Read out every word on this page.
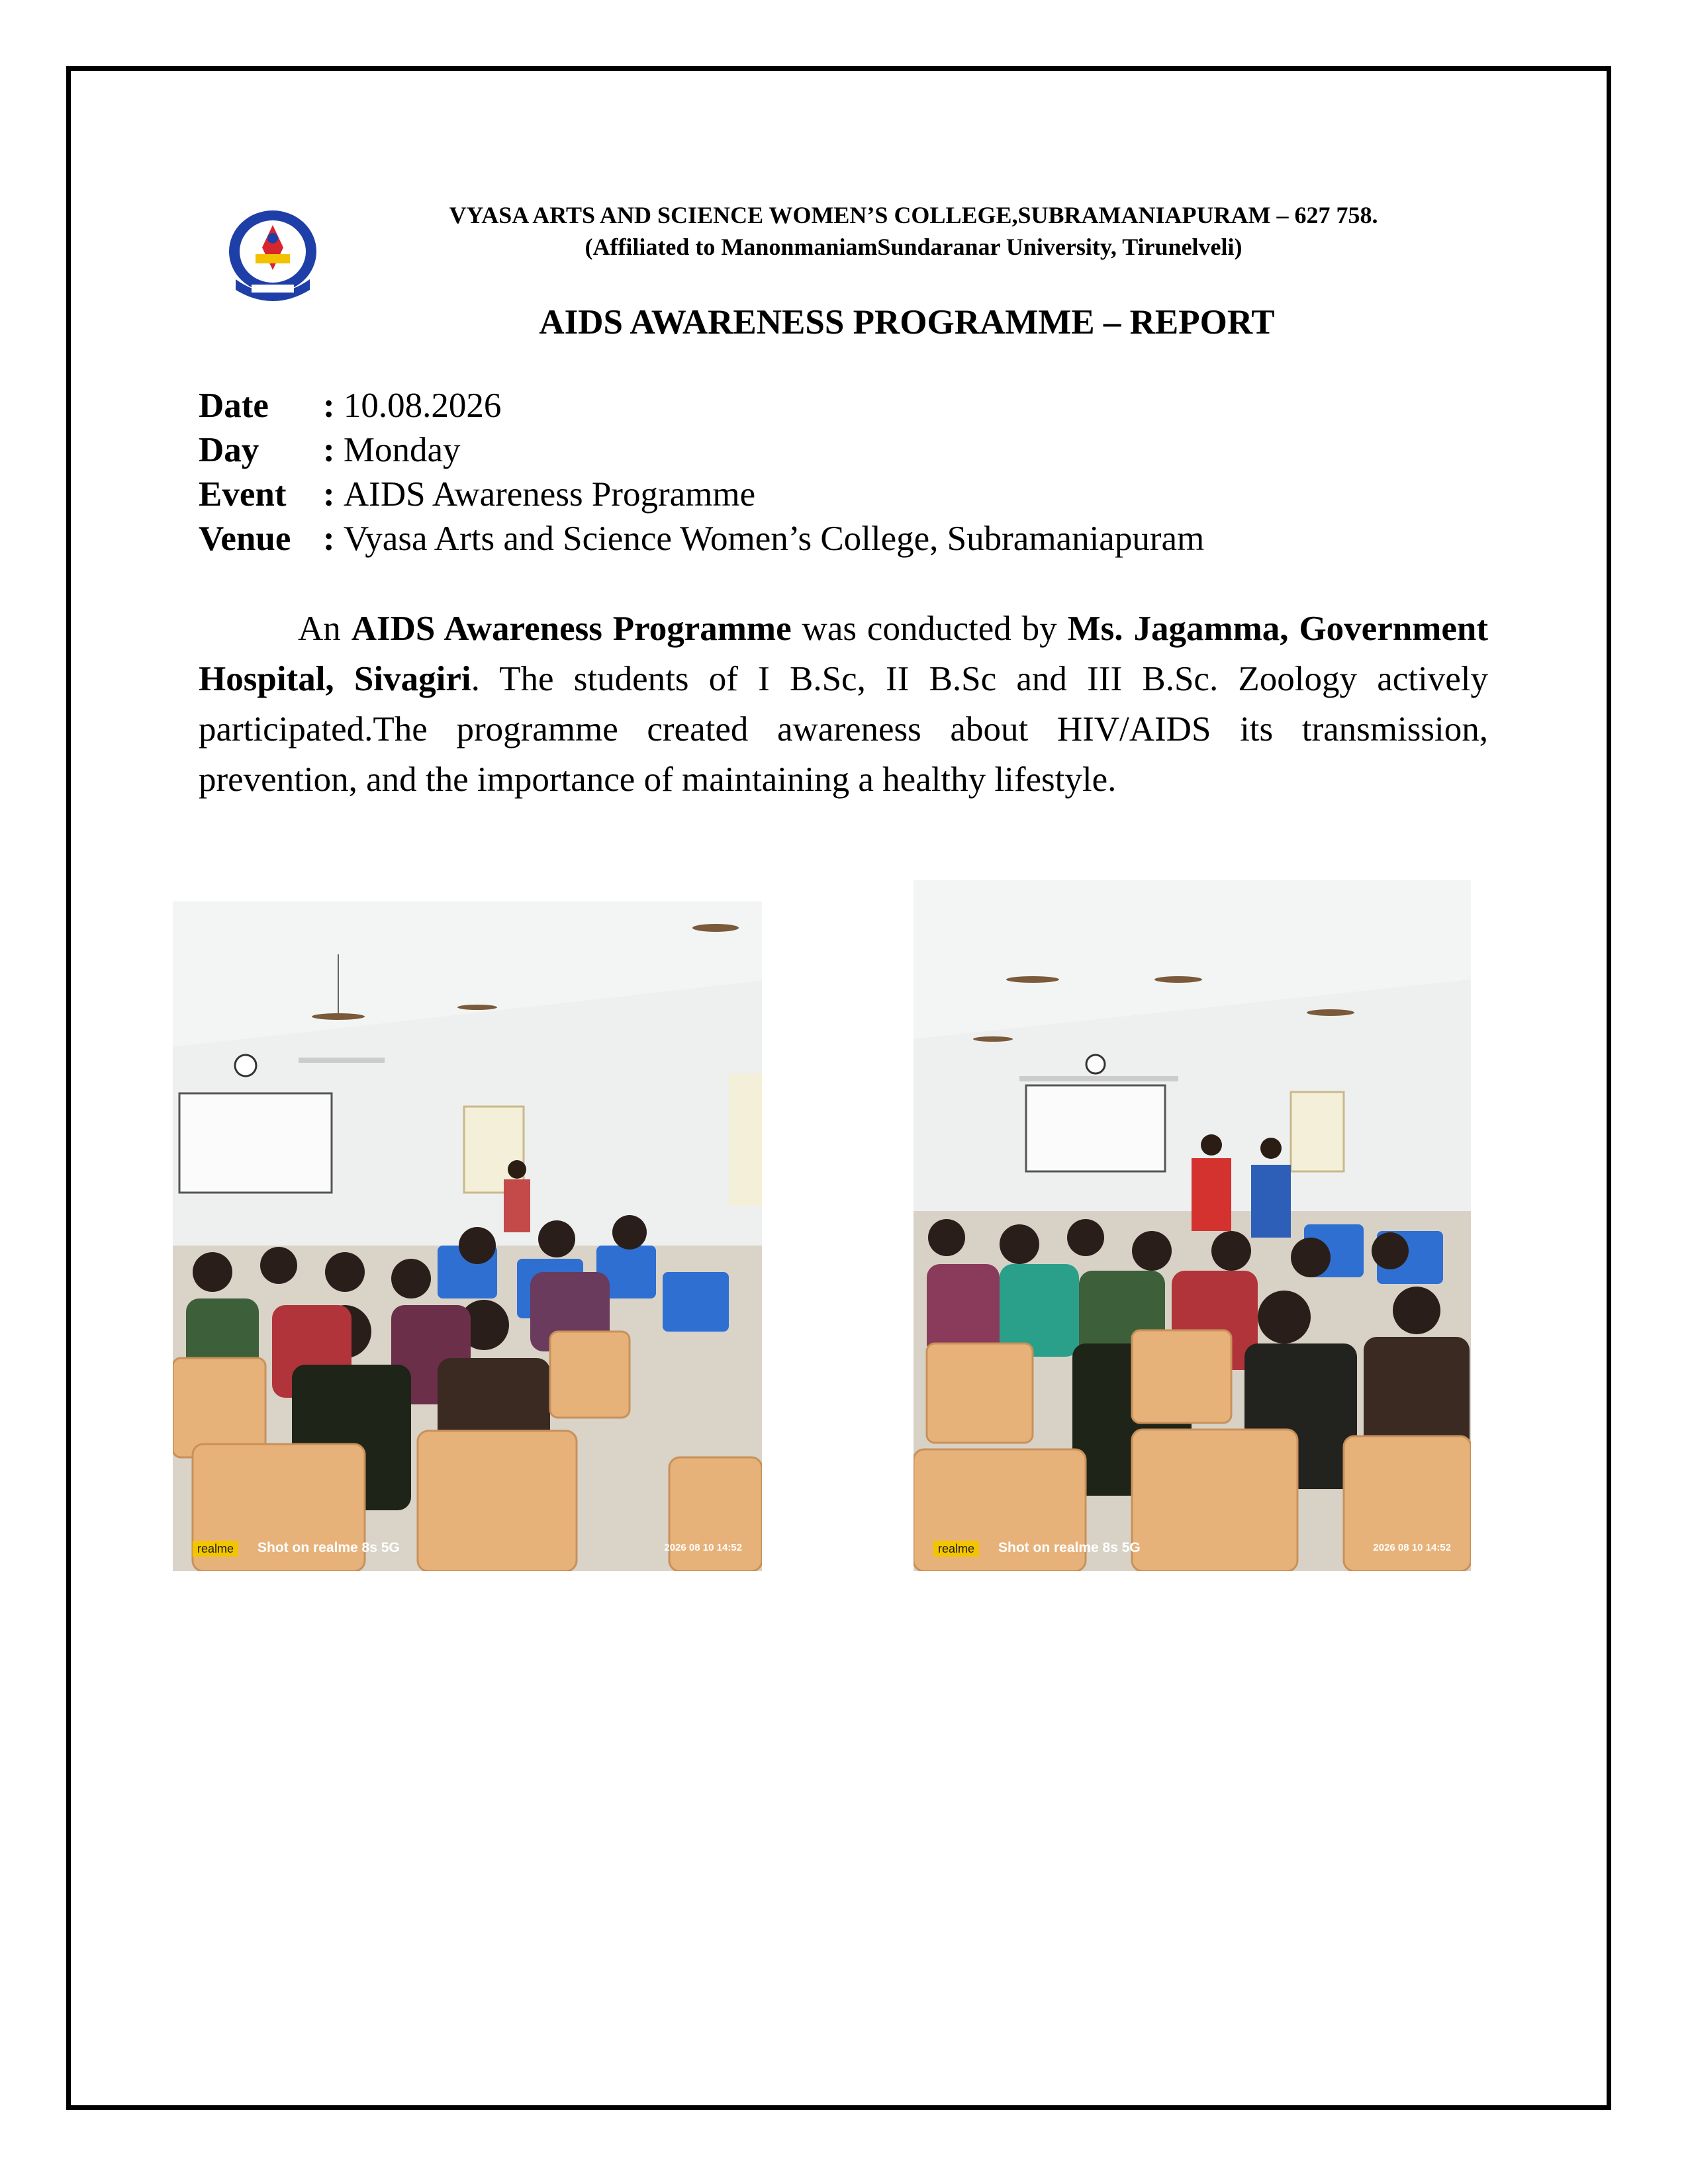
VYASA ARTS AND SCIENCE WOMEN’S COLLEGE,SUBRAMANIAPURAM – 627 758.
(Affiliated to ManonmaniamSundaranar University, Tirunelveli)
AIDS AWARENESS PROGRAMME – REPORT
Date : 10.08.2026
Day : Monday
Event : AIDS Awareness Programme
Venue : Vyasa Arts and Science Women’s College, Subramaniapuram
An AIDS Awareness Programme was conducted by Ms. Jagamma, Government Hospital, Sivagiri. The students of I B.Sc, II B.Sc and III B.Sc. Zoology actively participated.The programme created awareness about HIV/AIDS its transmission, prevention, and the importance of maintaining a healthy lifestyle.
realme	Shot on realme 8s 5G	2026 08 10 14:52	realme	Shot on realme 8s 5G	2026 08 10 14:52
